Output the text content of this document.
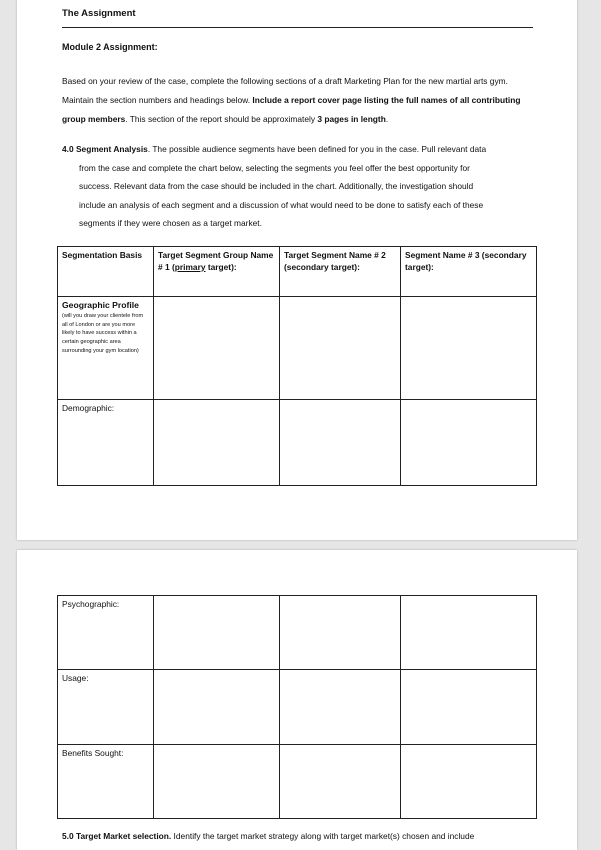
The Assignment
Module 2 Assignment:
Based on your review of the case, complete the following sections of a draft Marketing Plan for the new martial arts gym. Maintain the section numbers and headings below. Include a report cover page listing the full names of all contributing group members. This section of the report should be approximately 3 pages in length.
4.0 Segment Analysis. The possible audience segments have been defined for you in the case. Pull relevant data
from the case and complete the chart below, selecting the segments you feel offer the best opportunity for
success. Relevant data from the case should be included in the chart. Additionally, the investigation should
include an analysis of each segment and a discussion of what would need to be done to satisfy each of these
segments if they were chosen as a target market.
Segmentation Basis	Target Segment Group Name # 1 (primary target):	Target Segment Name # 2 (secondary target):	Segment Name # 3 (secondary target):

Geographic Profile
(will you draw your clientele from all of London or are you more likely to have success within a certain geographic area surrounding your gym location)			

Demographic:			
Psychographic:			
Usage:			
Benefits Sought:			
5.0 Target Market selection. Identify the target market strategy along with target market(s) chosen and include
